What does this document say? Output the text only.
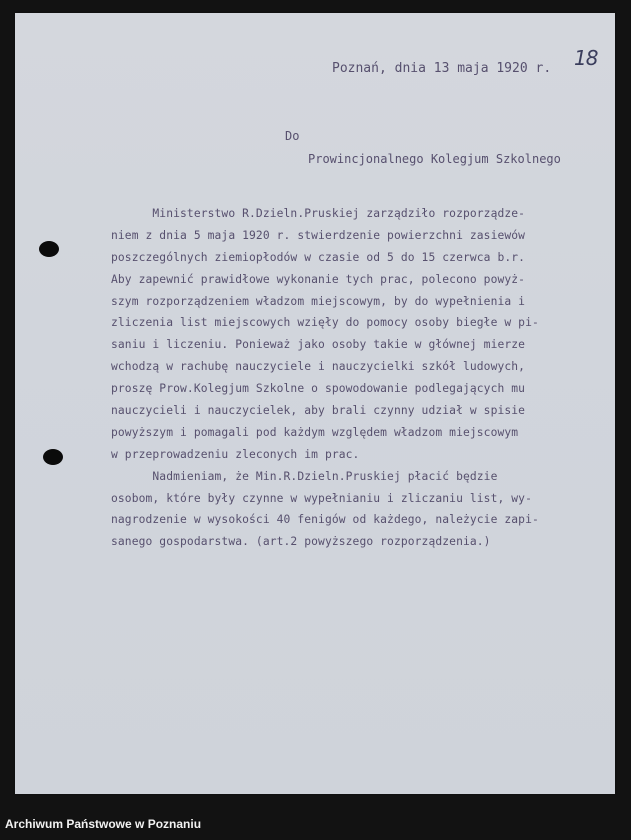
18
Poznań, dnia 13 maja 1920 r.
Do
Prowincjonalnego Kolegjum Szkolnego
Ministerstwo R.Dzieln.Pruskiej zarządziło rozporządze-
niem z dnia 5 maja 1920 r. stwierdzenie powierzchni zasiewów
poszczególnych ziemiopłodów w czasie od 5 do 15 czerwca b.r.
Aby zapewnić prawidłowe wykonanie tych prac, polecono powyż-
szym rozporządzeniem władzom miejscowym, by do wypełnienia i
zliczenia list miejscowych wzięły do pomocy osoby biegłe w pi-
saniu i liczeniu. Ponieważ jako osoby takie w głównej mierze
wchodzą w rachubę nauczyciele i nauczycielki szkół ludowych,
proszę Prow.Kolegjum Szkolne o spowodowanie podlegających mu
nauczycieli i nauczycielek, aby brali czynny udział w spisie
powyższym i pomagali pod każdym względem władzom miejscowym
w przeprowadzeniu zleconych im prac.
Nadmieniam, że Min.R.Dzieln.Pruskiej płacić będzie
osobom, które były czynne w wypełnianiu i zliczaniu list, wy-
nagrodzenie w wysokości 40 fenigów od każdego, należycie zapi-
sanego gospodarstwa. (art.2 powyższego rozporządzenia.)
Archiwum Państwowe w Poznaniu
